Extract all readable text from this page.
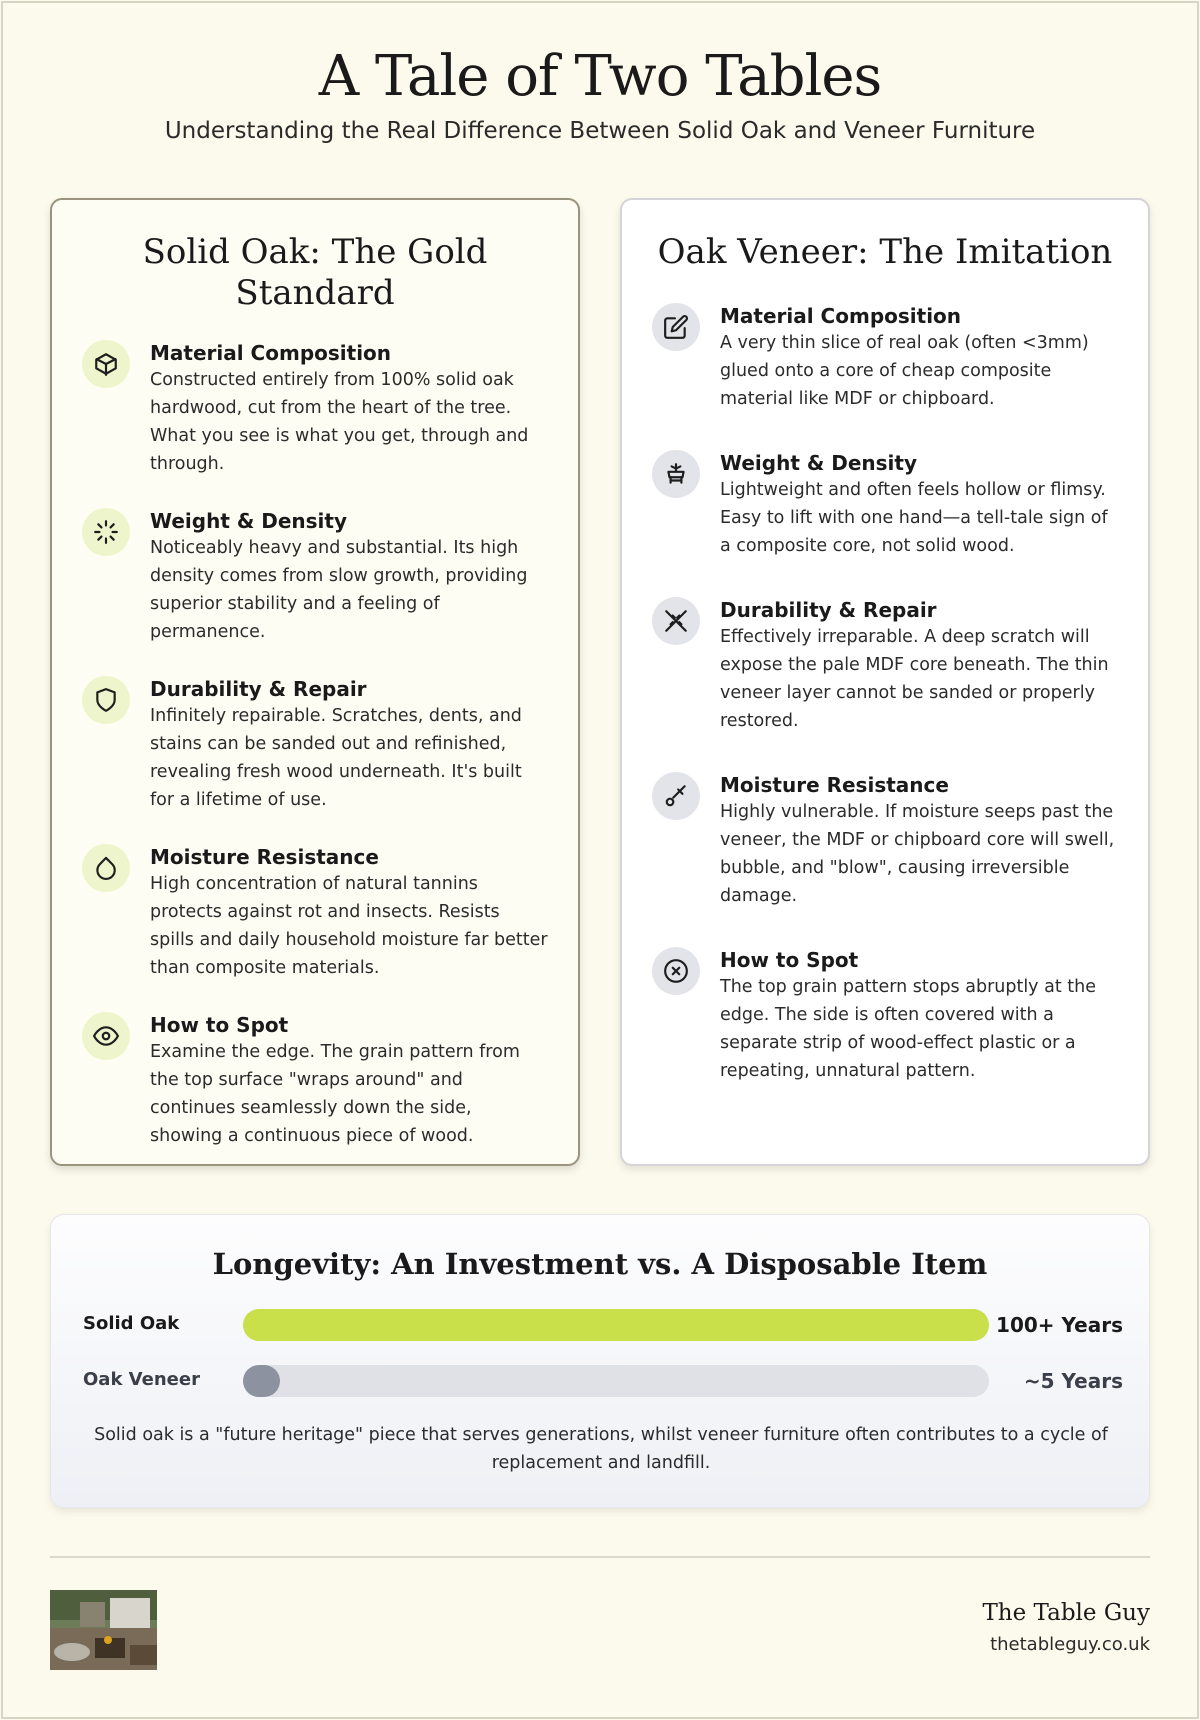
A Tale of Two Tables
Understanding the Real Difference Between Solid Oak and Veneer Furniture
Solid Oak: The Gold Standard
Material Composition
Constructed entirely from 100% solid oak hardwood, cut from the heart of the tree. What you see is what you get, through and through.
Weight & Density
Noticeably heavy and substantial. Its high density comes from slow growth, providing superior stability and a feeling of permanence.
Durability & Repair
Infinitely repairable. Scratches, dents, and stains can be sanded out and refinished, revealing fresh wood underneath. It's built for a lifetime of use.
Moisture Resistance
High concentration of natural tannins protects against rot and insects. Resists spills and daily household moisture far better than composite materials.
How to Spot
Examine the edge. The grain pattern from the top surface "wraps around" and continues seamlessly down the side, showing a continuous piece of wood.
Oak Veneer: The Imitation
Material Composition
A very thin slice of real oak (often <3mm) glued onto a core of cheap composite material like MDF or chipboard.
Weight & Density
Lightweight and often feels hollow or flimsy. Easy to lift with one hand—a tell-tale sign of a composite core, not solid wood.
Durability & Repair
Effectively irreparable. A deep scratch will expose the pale MDF core beneath. The thin veneer layer cannot be sanded or properly restored.
Moisture Resistance
Highly vulnerable. If moisture seeps past the veneer, the MDF or chipboard core will swell, bubble, and "blow", causing irreversible damage.
How to Spot
The top grain pattern stops abruptly at the edge. The side is often covered with a separate strip of wood-effect plastic or a repeating, unnatural pattern.
Longevity: An Investment vs. A Disposable Item
Solid Oak	100+ Years
Oak Veneer	~5 Years

Solid oak is a "future heritage" piece that serves generations, whilst veneer furniture often contributes to a cycle of replacement and landfill.

The Table Guy
thetableguy.co.uk
